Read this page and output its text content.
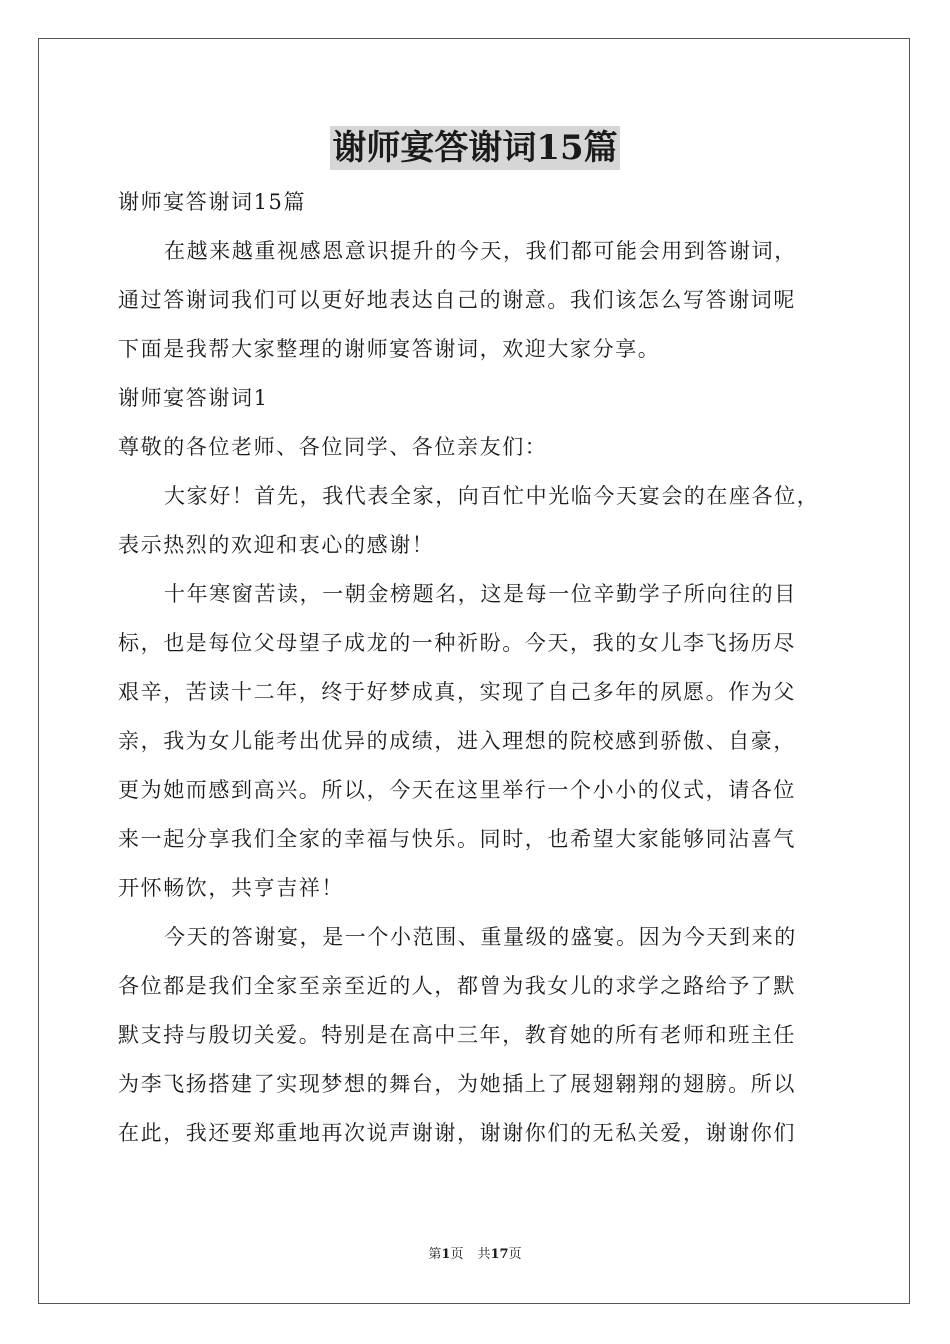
谢师宴答谢词15篇
谢师宴答谢词15篇
在越来越重视感恩意识提升的今天，我们都可能会用到答谢词，
通过答谢词我们可以更好地表达自己的谢意。我们该怎么写答谢词呢
下面是我帮大家整理的谢师宴答谢词，欢迎大家分享。
谢师宴答谢词1
尊敬的各位老师、各位同学、各位亲友们：
大家好！首先，我代表全家，向百忙中光临今天宴会的在座各位，
表示热烈的欢迎和衷心的感谢！
十年寒窗苦读，一朝金榜题名，这是每一位辛勤学子所向往的目
标，也是每位父母望子成龙的一种祈盼。今天，我的女儿李飞扬历尽
艰辛，苦读十二年，终于好梦成真，实现了自己多年的夙愿。作为父
亲，我为女儿能考出优异的成绩，进入理想的院校感到骄傲、自豪，
更为她而感到高兴。所以，今天在这里举行一个小小的仪式，请各位
来一起分享我们全家的幸福与快乐。同时，也希望大家能够同沾喜气
开怀畅饮，共亨吉祥！
今天的答谢宴，是一个小范围、重量级的盛宴。因为今天到来的
各位都是我们全家至亲至近的人，都曾为我女儿的求学之路给予了默
默支持与殷切关爱。特别是在高中三年，教育她的所有老师和班主任
为李飞扬搭建了实现梦想的舞台，为她插上了展翅翱翔的翅膀。所以
在此，我还要郑重地再次说声谢谢，谢谢你们的无私关爱，谢谢你们
第1页 共17页
